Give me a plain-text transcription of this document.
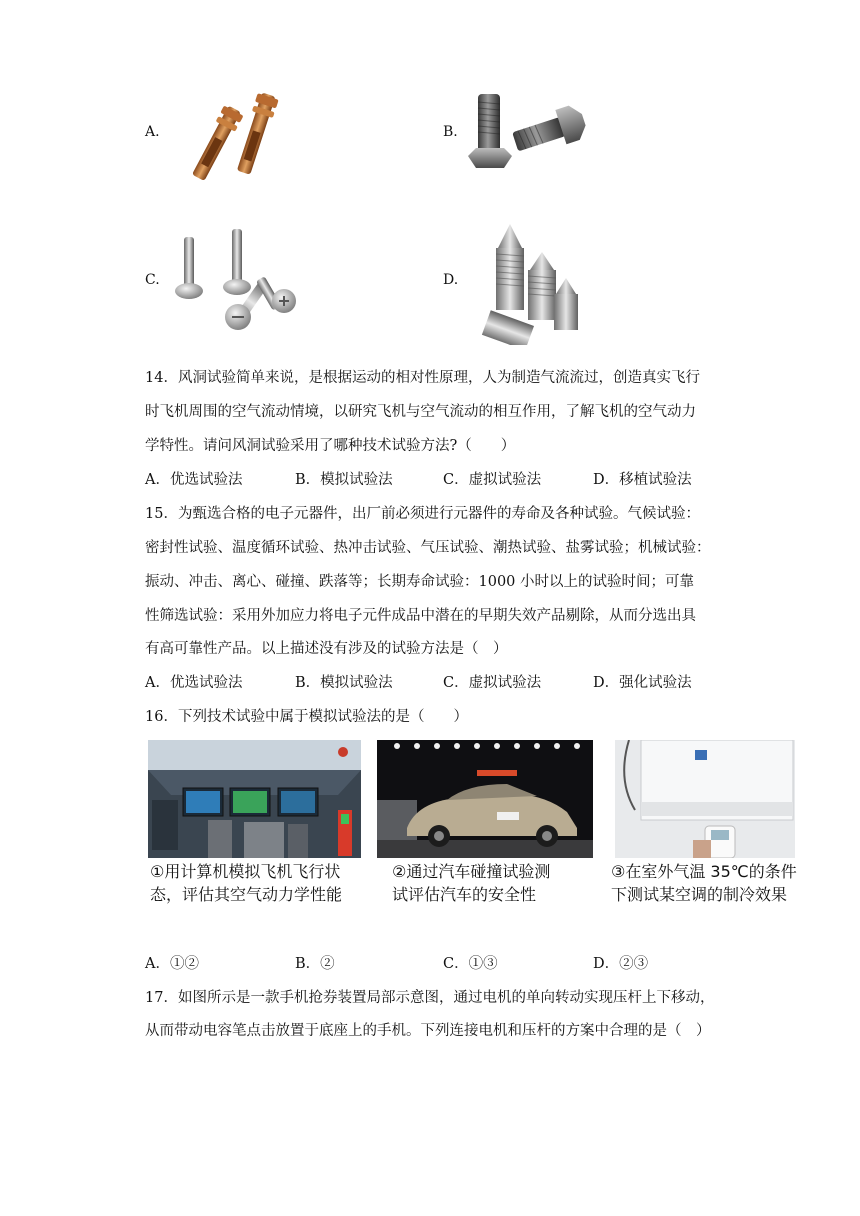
A.	B.
C.	D.
14．风洞试验简单来说，是根据运动的相对性原理，人为制造气流流过，创造真实飞行
时飞机周围的空气流动情境，以研究飞机与空气流动的相互作用，了解飞机的空气动力
学特性。请问风洞试验采用了哪种技术试验方法?（　　）
A．优选试验法	B．模拟试验法	C．虚拟试验法	D．移植试验法
15．为甄选合格的电子元器件，出厂前必须进行元器件的寿命及各种试验。气候试验：
密封性试验、温度循环试验、热冲击试验、气压试验、潮热试验、盐雾试验；机械试验：
振动、冲击、离心、碰撞、跌落等；长期寿命试验：1000 小时以上的试验时间；可靠
性筛选试验：采用外加应力将电子元件成品中潜在的早期失效产品剔除，从而分选出具
有高可靠性产品。以上描述没有涉及的试验方法是（　）
A．优选试验法	B．模拟试验法	C．虚拟试验法	D．强化试验法
16．下列技术试验中属于模拟试验法的是（　　）
①用计算机模拟飞机飞行状
态，评估其空气动力学性能
②通过汽车碰撞试验测
试评估汽车的安全性
③在室外气温 35℃的条件
下测试某空调的制冷效果
A．①②	B．②	C．①③	D．②③
17．如图所示是一款手机抢券装置局部示意图，通过电机的单向转动实现压杆上下移动，
从而带动电容笔点击放置于底座上的手机。下列连接电机和压杆的方案中合理的是（　）
